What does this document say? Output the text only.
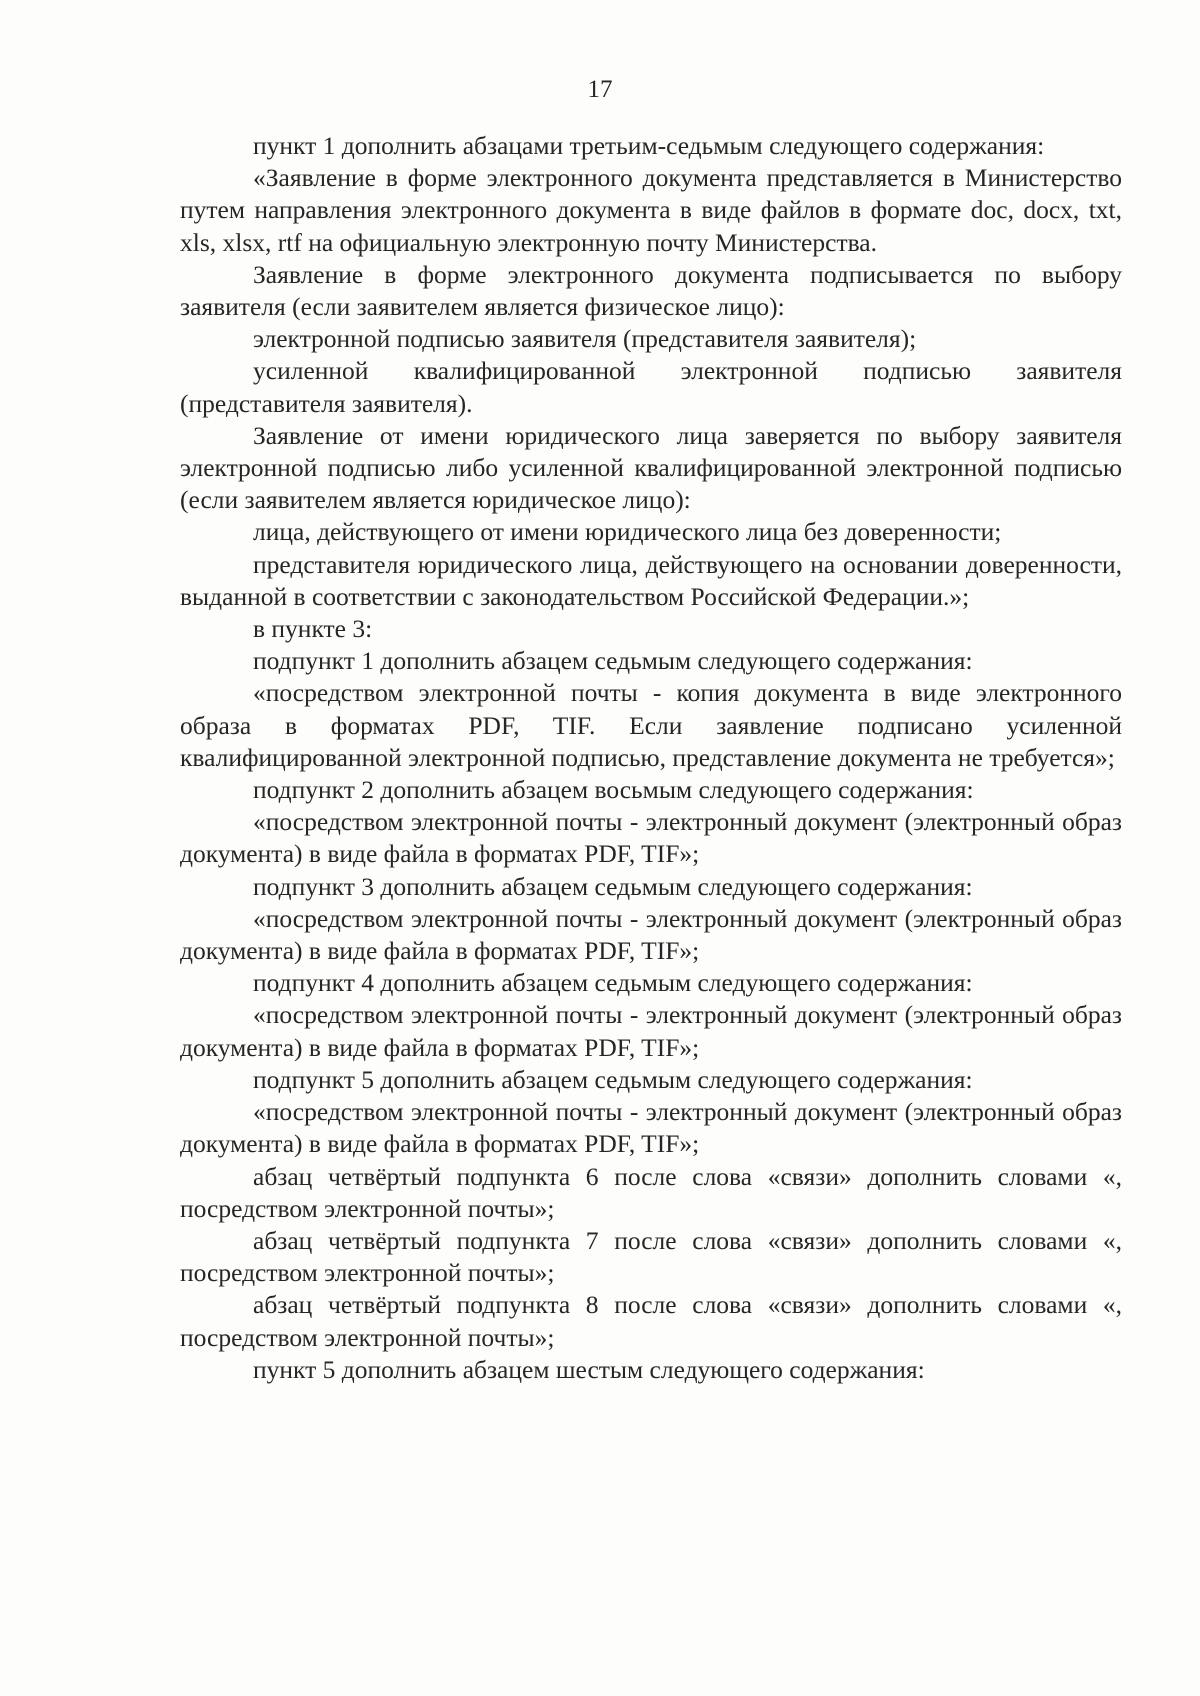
17

пункт 1 дополнить абзацами третьим-седьмым следующего содержания:

«Заявление в форме электронного документа представляется в Министерство путем направления электронного документа в виде файлов в формате doc, docx, txt, xls, xlsx, rtf на официальную электронную почту Министерства.

Заявление в форме электронного документа подписывается по выбору заявителя (если заявителем является физическое лицо):

электронной подписью заявителя (представителя заявителя);

усиленной квалифицированной электронной подписью заявителя (представителя заявителя).

Заявление от имени юридического лица заверяется по выбору заявителя электронной подписью либо усиленной квалифицированной электронной подписью (если заявителем является юридическое лицо):

лица, действующего от имени юридического лица без доверенности;

представителя юридического лица, действующего на основании доверенности, выданной в соответствии с законодательством Российской Федерации.»;

в пункте 3:

подпункт 1 дополнить абзацем седьмым следующего содержания:

«посредством электронной почты - копия документа в виде электронного образа в форматах PDF, TIF. Если заявление подписано усиленной квалифицированной электронной подписью, представление документа не требуется»;

подпункт 2 дополнить абзацем восьмым следующего содержания:

«посредством электронной почты - электронный документ (электронный образ документа) в виде файла в форматах PDF, TIF»;

подпункт 3 дополнить абзацем седьмым следующего содержания:

«посредством электронной почты - электронный документ (электронный образ документа) в виде файла в форматах PDF, TIF»;

подпункт 4 дополнить абзацем седьмым следующего содержания:

«посредством электронной почты - электронный документ (электронный образ документа) в виде файла в форматах PDF, TIF»;

подпункт 5 дополнить абзацем седьмым следующего содержания:

«посредством электронной почты - электронный документ (электронный образ документа) в виде файла в форматах PDF, TIF»;

абзац четвёртый подпункта 6 после слова «связи» дополнить словами «, посредством электронной почты»;

абзац четвёртый подпункта 7 после слова «связи» дополнить словами «, посредством электронной почты»;

абзац четвёртый подпункта 8 после слова «связи» дополнить словами «, посредством электронной почты»;

пункт 5 дополнить абзацем шестым следующего содержания:
